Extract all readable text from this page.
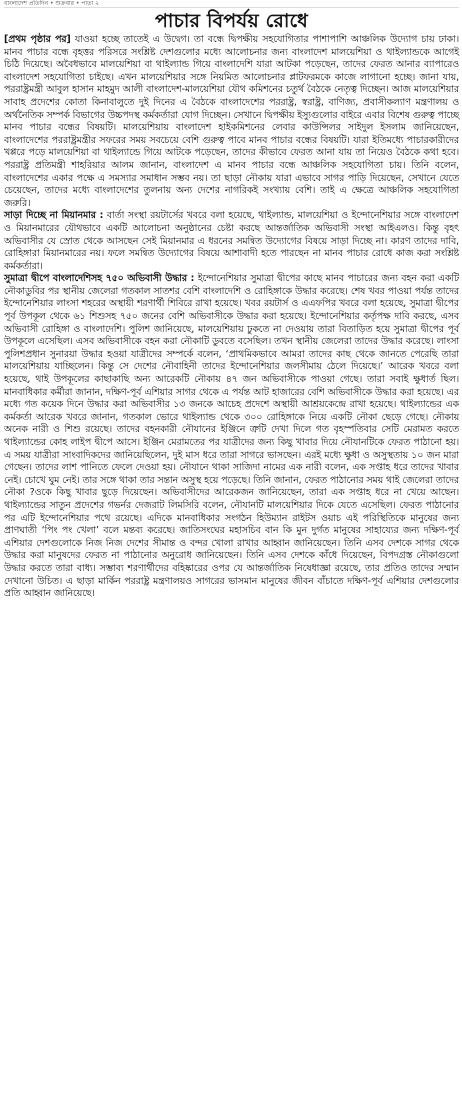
বাংলাদেশ প্রতিদিন • শুক্রবার • পাতা ২
পাচার বিপর্যয় রোধে

[প্রথম পৃষ্ঠার পর] যাওয়া হচ্ছে তাতেই এ উদ্বেগ। তা বন্ধে দ্বিপক্ষীয় সহযোগিতার পাশাপাশি আঞ্চলিক উদ্যোগ চায় ঢাকা। মানব পাচার বন্ধে বৃহত্তর পরিসরে সংশ্লিষ্ট দেশগুলোর মধ্যে আলোচনার জন্য বাংলাদেশ মালয়েশিয়া ও থাইল্যান্ডকে আগেই চিঠি দিয়েছে। অবৈধভাবে মালয়েশিয়া বা থাইল্যান্ড গিয়ে বাংলাদেশি যারা আটকা পড়েছেন, তাদের ফেরত আনার ব্যাপারেও বাংলাদেশ সহযোগিতা চাইছে। এখন মালয়েশিয়ার সঙ্গে নিয়মিত আলোচনার প্লাটফরমকে কাজে লাগানো হচ্ছে। জানা যায়, পররাষ্ট্রমন্ত্রী আবুল হাসান মাহমুদ আলী বাংলাদেশ-মালয়েশিয়া যৌথ কমিশনের চতুর্থ বৈঠকে নেতৃত্ব দিচ্ছেন। আজ মালয়েশিয়ার সাবাহ প্রদেশের কোতা কিনাবালুতে দুই দিনের এ বৈঠকে বাংলাদেশের পররাষ্ট্র, স্বরাষ্ট্র, বাণিজ্য, প্রবাসীকল্যাণ মন্ত্রণালয় ও অর্থনৈতিক সম্পর্ক বিভাগের উচ্চপদস্থ কর্মকর্তারা যোগ দিচ্ছেন। সেখানে দ্বিপক্ষীয় ইস্যুগুলোর বাইরে এবার বিশেষ গুরুত্ব পাচ্ছে মানব পাচার বন্ধের বিষয়টি। মালয়েশিয়ায় বাংলাদেশ হাইকমিশনের লেবার কাউন্সিলর সাইদুল ইসলাম জানিয়েছেন, বাংলাদেশের পররাষ্ট্রমন্ত্রীর সফরের সময় সবচেয়ে বেশি গুরুত্ব পাবে মানব পাচার বন্ধের বিষয়টি। যারা ইতিমধ্যে পাচারকারীদের খপ্পরে পড়ে মালয়েশিয়া বা থাইল্যান্ডে গিয়ে আটকে পড়েছেন, তাদের কীভাবে ফেরত আনা যায় তা নিয়েও বৈঠকে কথা হবে। পররাষ্ট্র প্রতিমন্ত্রী শাহরিয়ার আলম জানান, বাংলাদেশ এ মানব পাচার বন্ধে আঞ্চলিক সহযোগিতা চায়। তিনি বলেন, বাংলাদেশের একার পক্ষে এ সমস্যার সমাধান সম্ভব নয়। তা ছাড়া নৌকায় যারা এভাবে সাগর পাড়ি দিয়েছেন, সেখানে যেতে চেয়েছেন, তাদের মধ্যে বাংলাদেশের তুলনায় অন্য দেশের নাগরিকই সংখ্যায় বেশি। তাই এ ক্ষেত্রে আঞ্চলিক সহযোগিতা জরুরি।

সাড়া দিচ্ছে না মিয়ানমার : বার্তা সংস্থা রয়টার্সের খবরে বলা হয়েছে, থাইল্যান্ড, মালয়েশিয়া ও ইন্দোনেশিয়ার সঙ্গে বাংলাদেশ ও মিয়ানমারের যৌথভাবে একটি আলোচনা অনুষ্ঠানের চেষ্টা করছে আন্তর্জাতিক অভিবাসী সংস্থা আইএলও। কিন্তু বৃহৎ অভিবাসীর যে স্রোত থেকে আসছেন সেই মিয়ানমার এ ধরনের সমন্বিত উদ্যোগের বিষয়ে সাড়া দিচ্ছে না। কারণ তাদের দাবি, রোহিঙ্গারা মিয়ানমারের নয়। ফলে সমন্বিত উদ্যোগের বিষয়ে আশাবাদী হতে পারছেন না মানব পাচার রোধে কাজ করা সংশ্লিষ্ট কর্মকর্তারা।

সুমাত্রা দ্বীপে বাংলাদেশিসহ ৭৫০ অভিবাসী উদ্ধার : ইন্দোনেশিয়ার সুমাত্রা দ্বীপের কাছে মানব পাচারের জন্য বহন করা একটি নৌকাডুবির পর স্থানীয় জেলেরা গতকাল সাতশর বেশি বাংলাদেশি ও রোহিঙ্গাকে উদ্ধার করেছে। শেষ খবর পাওয়া পর্যন্ত তাদের ইন্দোনেশিয়ার লাংসা শহরের অস্থায়ী শরণার্থী শিবিরে রাখা হয়েছে। খবর রয়টার্স ও এএফপির খবরে বলা হয়েছে, সুমাত্রা দ্বীপের পূর্ব উপকূল থেকে ৬১ শিশুসহ ৭৫০ জনের বেশি অভিবাসীকে উদ্ধার করা হয়েছে। ইন্দোনেশিয়ার কর্তৃপক্ষ দাবি করছে, এসব অভিবাসী রোহিঙ্গা ও বাংলাদেশি। পুলিশ জানিয়েছে, মালয়েশিয়ায় ঢুকতে না দেওয়ায় তারা বিতাড়িত হয়ে সুমাত্রা দ্বীপের পূর্ব উপকূলে এসেছিল। এসব অভিবাসীকে বহন করা নৌকাটি ডুবতে বসেছিল। তখন স্থানীয় জেলেরা তাদের উদ্ধার করেছে। লাংসা পুলিশপ্রধান সুনারয়া উদ্ধার হওয়া যাত্রীদের সম্পর্কে বলেন, ‘প্রাথমিকভাবে আমরা তাদের কাছ থেকে জানতে পেরেছি তারা মালয়েশিয়ায় যাচ্ছিলেন। কিন্তু সে দেশের নৌবাহিনী তাদের ইন্দোনেশিয়ার জলসীমায় ঠেলে দিয়েছে।’ আরেক খবরে বলা হয়েছে, থাই উপকূলের কাছাকাছি অন্য আরেকটি নৌকায় ৪৭ জন অভিবাসীকে পাওয়া গেছে। তারা সবাই ক্ষুধার্ত ছিল। মানবাধিকার কর্মীরা জানান, দক্ষিণ-পূর্ব এশিয়ার সাগর থেকে এ পর্যন্ত আট হাজারের বেশি অভিবাসীকে উদ্ধার করা হয়েছে। এর মধ্যে গত কয়েক দিনে উদ্ধার করা অভিবাসীর ১৩ জনকে আচেহ প্রদেশে অস্থায়ী আশ্রয়কেন্দ্রে রাখা হয়েছে। থাইল্যান্ডের এক কর্মকর্তা আরেক খবরে জানান, গতকাল ভোরে থাইল্যান্ড থেকে ৩০০ রোহিঙ্গাকে নিয়ে একটি নৌকা ছেড়ে গেছে। নৌকায় অনেক নারী ও শিশু রয়েছে। তাদের বহনকারী নৌযানের ইঞ্জিনে ত্রুটি দেখা দিলে গত বৃহস্পতিবার সেটি মেরামত করতে থাইল্যান্ডের কোহ লাইপ দ্বীপে আসে। ইঞ্জিন মেরামতের পর যাত্রীদের জন্য কিছু খাবার দিয়ে নৌযানটিকে ফেরত পাঠানো হয়। এ সময় যাত্রীরা সাংবাদিকদের জানিয়েছিলেন, দুই মাস ধরে তারা সাগরে ভাসছেন। এরই মধ্যে ক্ষুধা ও অসুস্থতায় ১০ জন মারা গেছেন। তাদের লাশ পানিতে ফেলে দেওয়া হয়। নৌযানে থাকা সাজিদা নামের এক নারী বলেন, এক সপ্তাহ ধরে তাদের খাবার নেই। চোখে ঘুম নেই। তার সঙ্গে থাকা তার সন্তান অসুস্থ হয়ে পড়েছে। তিনি জানান, ফেরত পাঠানোর সময় থাই জেলেরা তাদের নৌকা ?ওকে কিছু খাবার ছুড়ে দিয়েছেন। অভিবাসীদের আরেকজন জানিয়েছেন, তারা এক সপ্তাহ ধরে না খেয়ে আছেন। থাইল্যান্ডের সাতুন প্রদেশের গভর্নর দেজরাট লিমসিরি বলেন, নৌযানটি মালয়েশিয়ার দিকে যেতে এসেছিল। ফেরত পাঠানোর পর এটি ইন্দোনেশিয়ার পথে রয়েছে। এদিকে মানবাধিকার সংগঠন হিউম্যান রাইটস ওয়াচ এই পরিস্থিতিকে মানুষের জন্য প্রাণঘাতী ‘পিং পং খেলা’ বলে মন্তব্য করেছে। জাতিসংঘের মহাসচিব বান কি মুন দুর্গত মানুষের সাহায্যের জন্য দক্ষিণ-পূর্ব এশিয়ার দেশগুলোকে নিজ নিজ দেশের সীমান্ত ও বন্দর খোলা রাখার আহ্বান জানিয়েছেন। তিনি এসব দেশকে সাগর থেকে উদ্ধার করা মানুষদের ফেরত না পাঠানোর অনুরোধ জানিয়েছেন। তিনি এসব দেশকে কাঁধে দিয়েছেন, বিপদগ্রস্ত নৌকাগুলো উদ্ধার করতে তারা বাধ্য। সম্ভাব্য শরণার্থীদের বহিষ্কারের ওপর যে আন্তর্জাতিক নিষেধাজ্ঞা রয়েছে, তার প্রতিও তাদের সম্মান দেখানো উচিত। এ ছাড়া মার্কিন পররাষ্ট্র মন্ত্রণালয়ও সাগরের ভাসমান মানুষের জীবন বাঁচাতে দক্ষিণ-পূর্ব এশিয়ার দেশগুলোর প্রতি আহ্বান জানিয়েছে।
